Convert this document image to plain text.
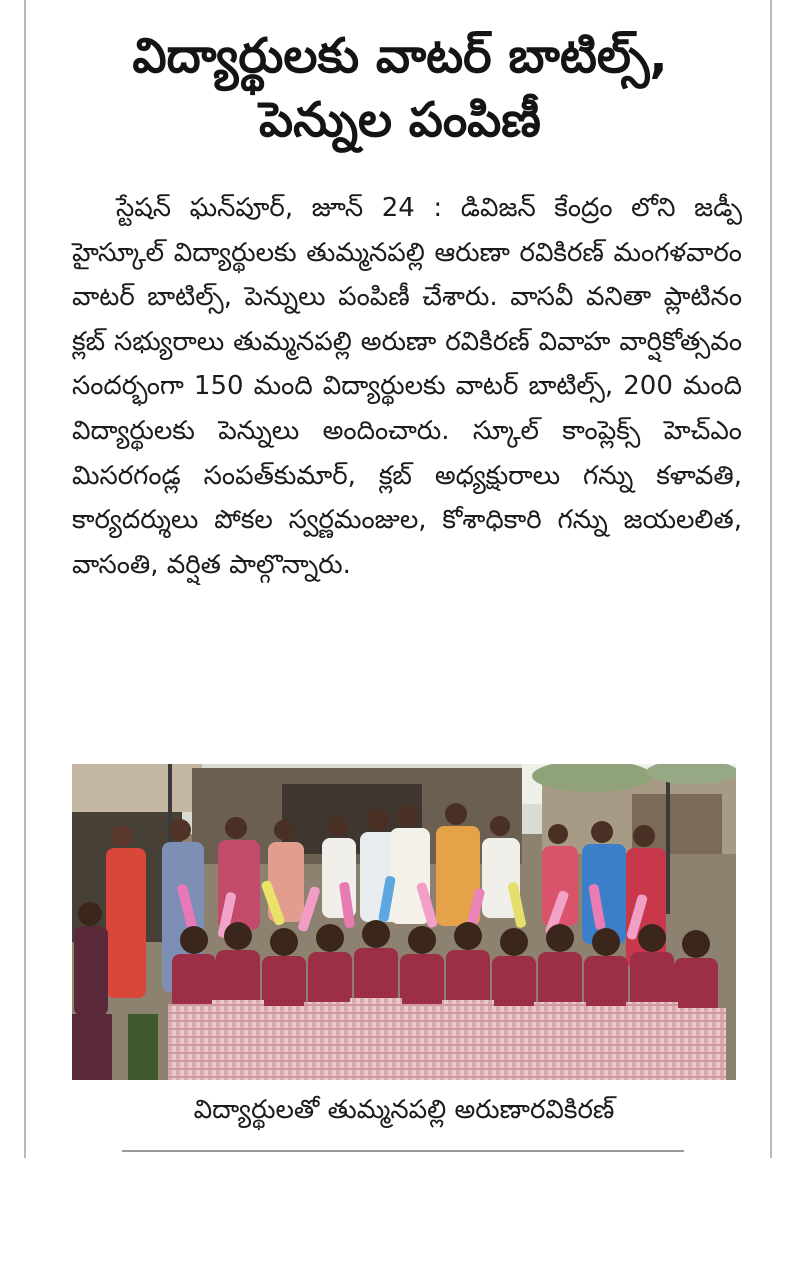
విద్యార్థులకు వాటర్ బాటిల్స్,
పెన్నుల పంపిణీ

స్టేషన్ ఘన్‌పూర్, జూన్ 24 : డివిజన్ కేంద్రం లోని జడ్పీ హైస్కూల్ విద్యార్థులకు తుమ్మనపల్లి ఆరుణా రవికిరణ్ మంగళవారం వాటర్ బాటిల్స్, పెన్నులు పంపిణీ చేశారు. వాసవీ వనితా ప్లాటినం క్లబ్ సభ్యురాలు తుమ్మనపల్లి అరుణా రవికిరణ్ వివాహ వార్షికోత్సవం సందర్భంగా 150 మంది విద్యార్థులకు వాటర్ బాటిల్స్, 200 మంది విద్యార్థులకు పెన్నులు అందించారు. స్కూల్ కాంప్లెక్స్ హెచ్ఎం మిసరగండ్ల సంపత్‌కుమార్, క్లబ్ అధ్యక్షురాలు గన్ను కళావతి, కార్యదర్శులు పోకల స్వర్ణమంజుల, కోశాధికారి గన్ను జయలలిత, వాసంతి, వర్షిత పాల్గొన్నారు.

విద్యార్థులతో తుమ్మనపల్లి అరుణారవికిరణ్
